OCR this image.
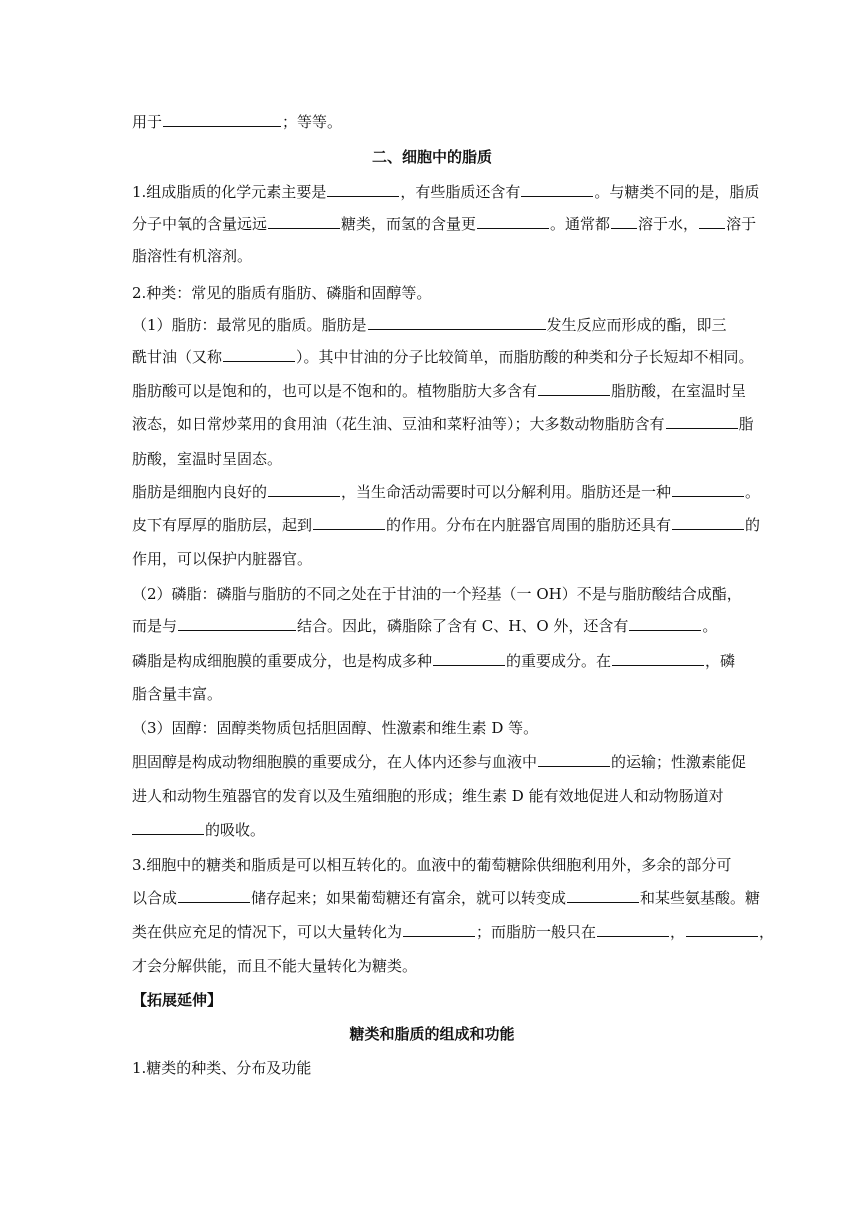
用于	；等等。
二、细胞中的脂质
1.组成脂质的化学元素主要是	，有些脂质还含有	。与糖类不同的是，脂质
分子中氧的含量远远	糖类，而氢的含量更	。通常都 溶于水， 溶于
脂溶性有机溶剂。
2.种类：常见的脂质有脂肪、磷脂和固醇等。
（1）脂肪：最常见的脂质。脂肪是	发生反应而形成的酯，即三
酰甘油（又称	）。其中甘油的分子比较简单，而脂肪酸的种类和分子长短却不相同。
脂肪酸可以是饱和的，也可以是不饱和的。植物脂肪大多含有	脂肪酸，在室温时呈
液态，如日常炒菜用的食用油（花生油、豆油和菜籽油等）；大多数动物脂肪含有	脂
肪酸，室温时呈固态。
脂肪是细胞内良好的	，当生命活动需要时可以分解利用。脂肪还是一种	。
皮下有厚厚的脂肪层，起到	的作用。分布在内脏器官周围的脂肪还具有	的
作用，可以保护内脏器官。
（2）磷脂：磷脂与脂肪的不同之处在于甘油的一个羟基（一 OH）不是与脂肪酸结合成酯，
而是与	结合。因此，磷脂除了含有 C、H、O 外，还含有	。
磷脂是构成细胞膜的重要成分，也是构成多种	的重要成分。在	，磷
脂含量丰富。
（3）固醇：固醇类物质包括胆固醇、性激素和维生素 D 等。
胆固醇是构成动物细胞膜的重要成分，在人体内还参与血液中	的运输；性激素能促
进人和动物生殖器官的发育以及生殖细胞的形成；维生素 D 能有效地促进人和动物肠道对
的吸收。
3.细胞中的糖类和脂质是可以相互转化的。血液中的葡萄糖除供细胞利用外，多余的部分可
以合成	储存起来；如果葡萄糖还有富余，就可以转变成	和某些氨基酸。糖
类在供应充足的情况下，可以大量转化为	；而脂肪一般只在	，	，
才会分解供能，而且不能大量转化为糖类。
【拓展延伸】
糖类和脂质的组成和功能
1.糖类的种类、分布及功能
